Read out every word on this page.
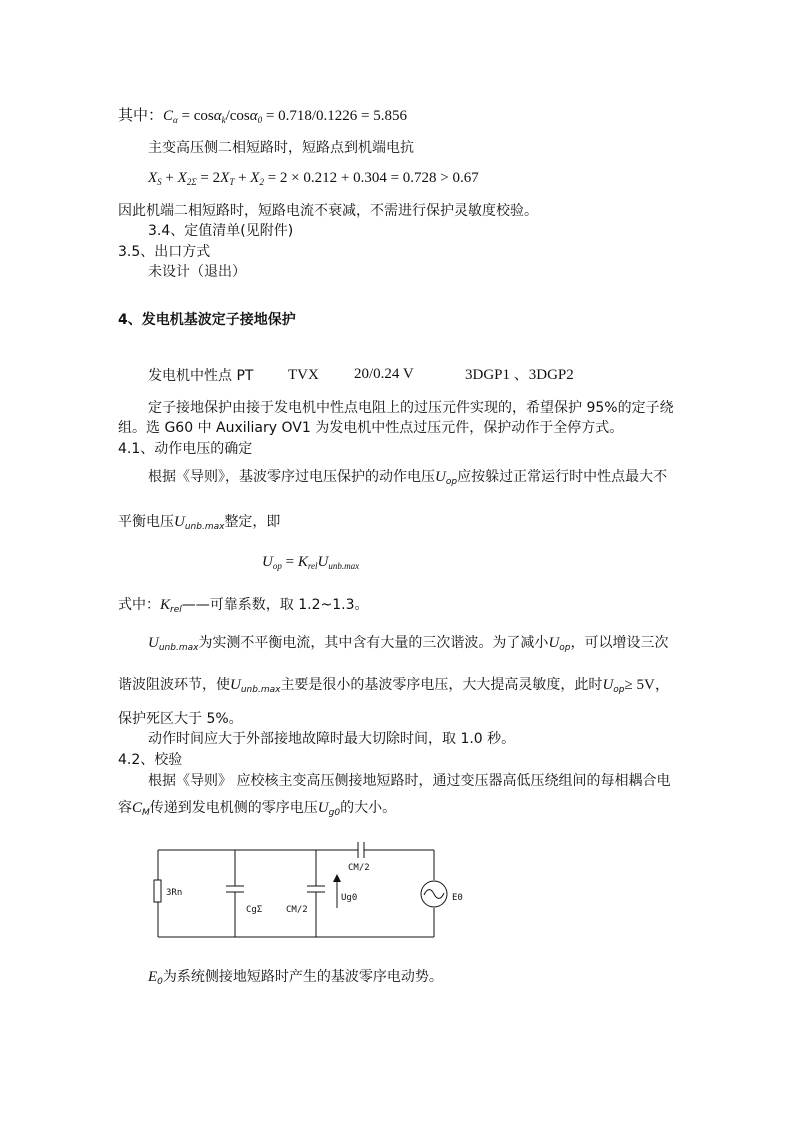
其中：$C_\alpha = \cos\alpha_k/\cos\alpha_0 = 0.718/0.1226 = 5.856$
主变高压侧二相短路时，短路点到机端电抗
$X_S + X_{2\Sigma} = 2X_T + X_2 = 2 \times 0.212 + 0.304 = 0.728 > 0.67$
因此机端二相短路时，短路电流不衰减，不需进行保护灵敏度校验。
3.4、定值清单(见附件)
3.5、出口方式
未设计（退出）
4、发电机基波定子接地保护
发电机中性点 PT TVX 20/0.24 V	3DGP1 、3DGP2
定子接地保护由接于发电机中性点电阻上的过压元件实现的，希望保护 95%的定子绕
组。选 G60 中 Auxiliary OV1 为发电机中性点过压元件，保护动作于全停方式。
4.1、动作电压的确定
根据《导则》，基波零序过电压保护的动作电压$U_{op}$应按躲过正常运行时中性点最大不
平衡电压$U_{unb.max}$整定，即
$U_{op} = K_{rel}U_{unb.max}$
式中：$K_{rel}——$可靠系数，取 1.2~1.3。
$U_{unb.max}$为实测不平衡电流，其中含有大量的三次谐波。为了减小$U_{op}$，可以增设三次
谐波阻波环节，使$U_{unb.max}$主要是很小的基波零序电压，大大提高灵敏度，此时$U_{op}\ge 5V$，
保护死区大于 5%。
动作时间应大于外部接地故障时最大切除时间，取 1.0 秒。
4.2、校验
根据《导则》 应校核主变高压侧接地短路时，通过变压器高低压绕组间的每相耦合电
容$C_M$传递到发电机侧的零序电压$U_{g0}$的大小。
3Rn
CgΣ	CM/2
Ug0
CM/2
E0
$E_0$为系统侧接地短路时产生的基波零序电动势。
